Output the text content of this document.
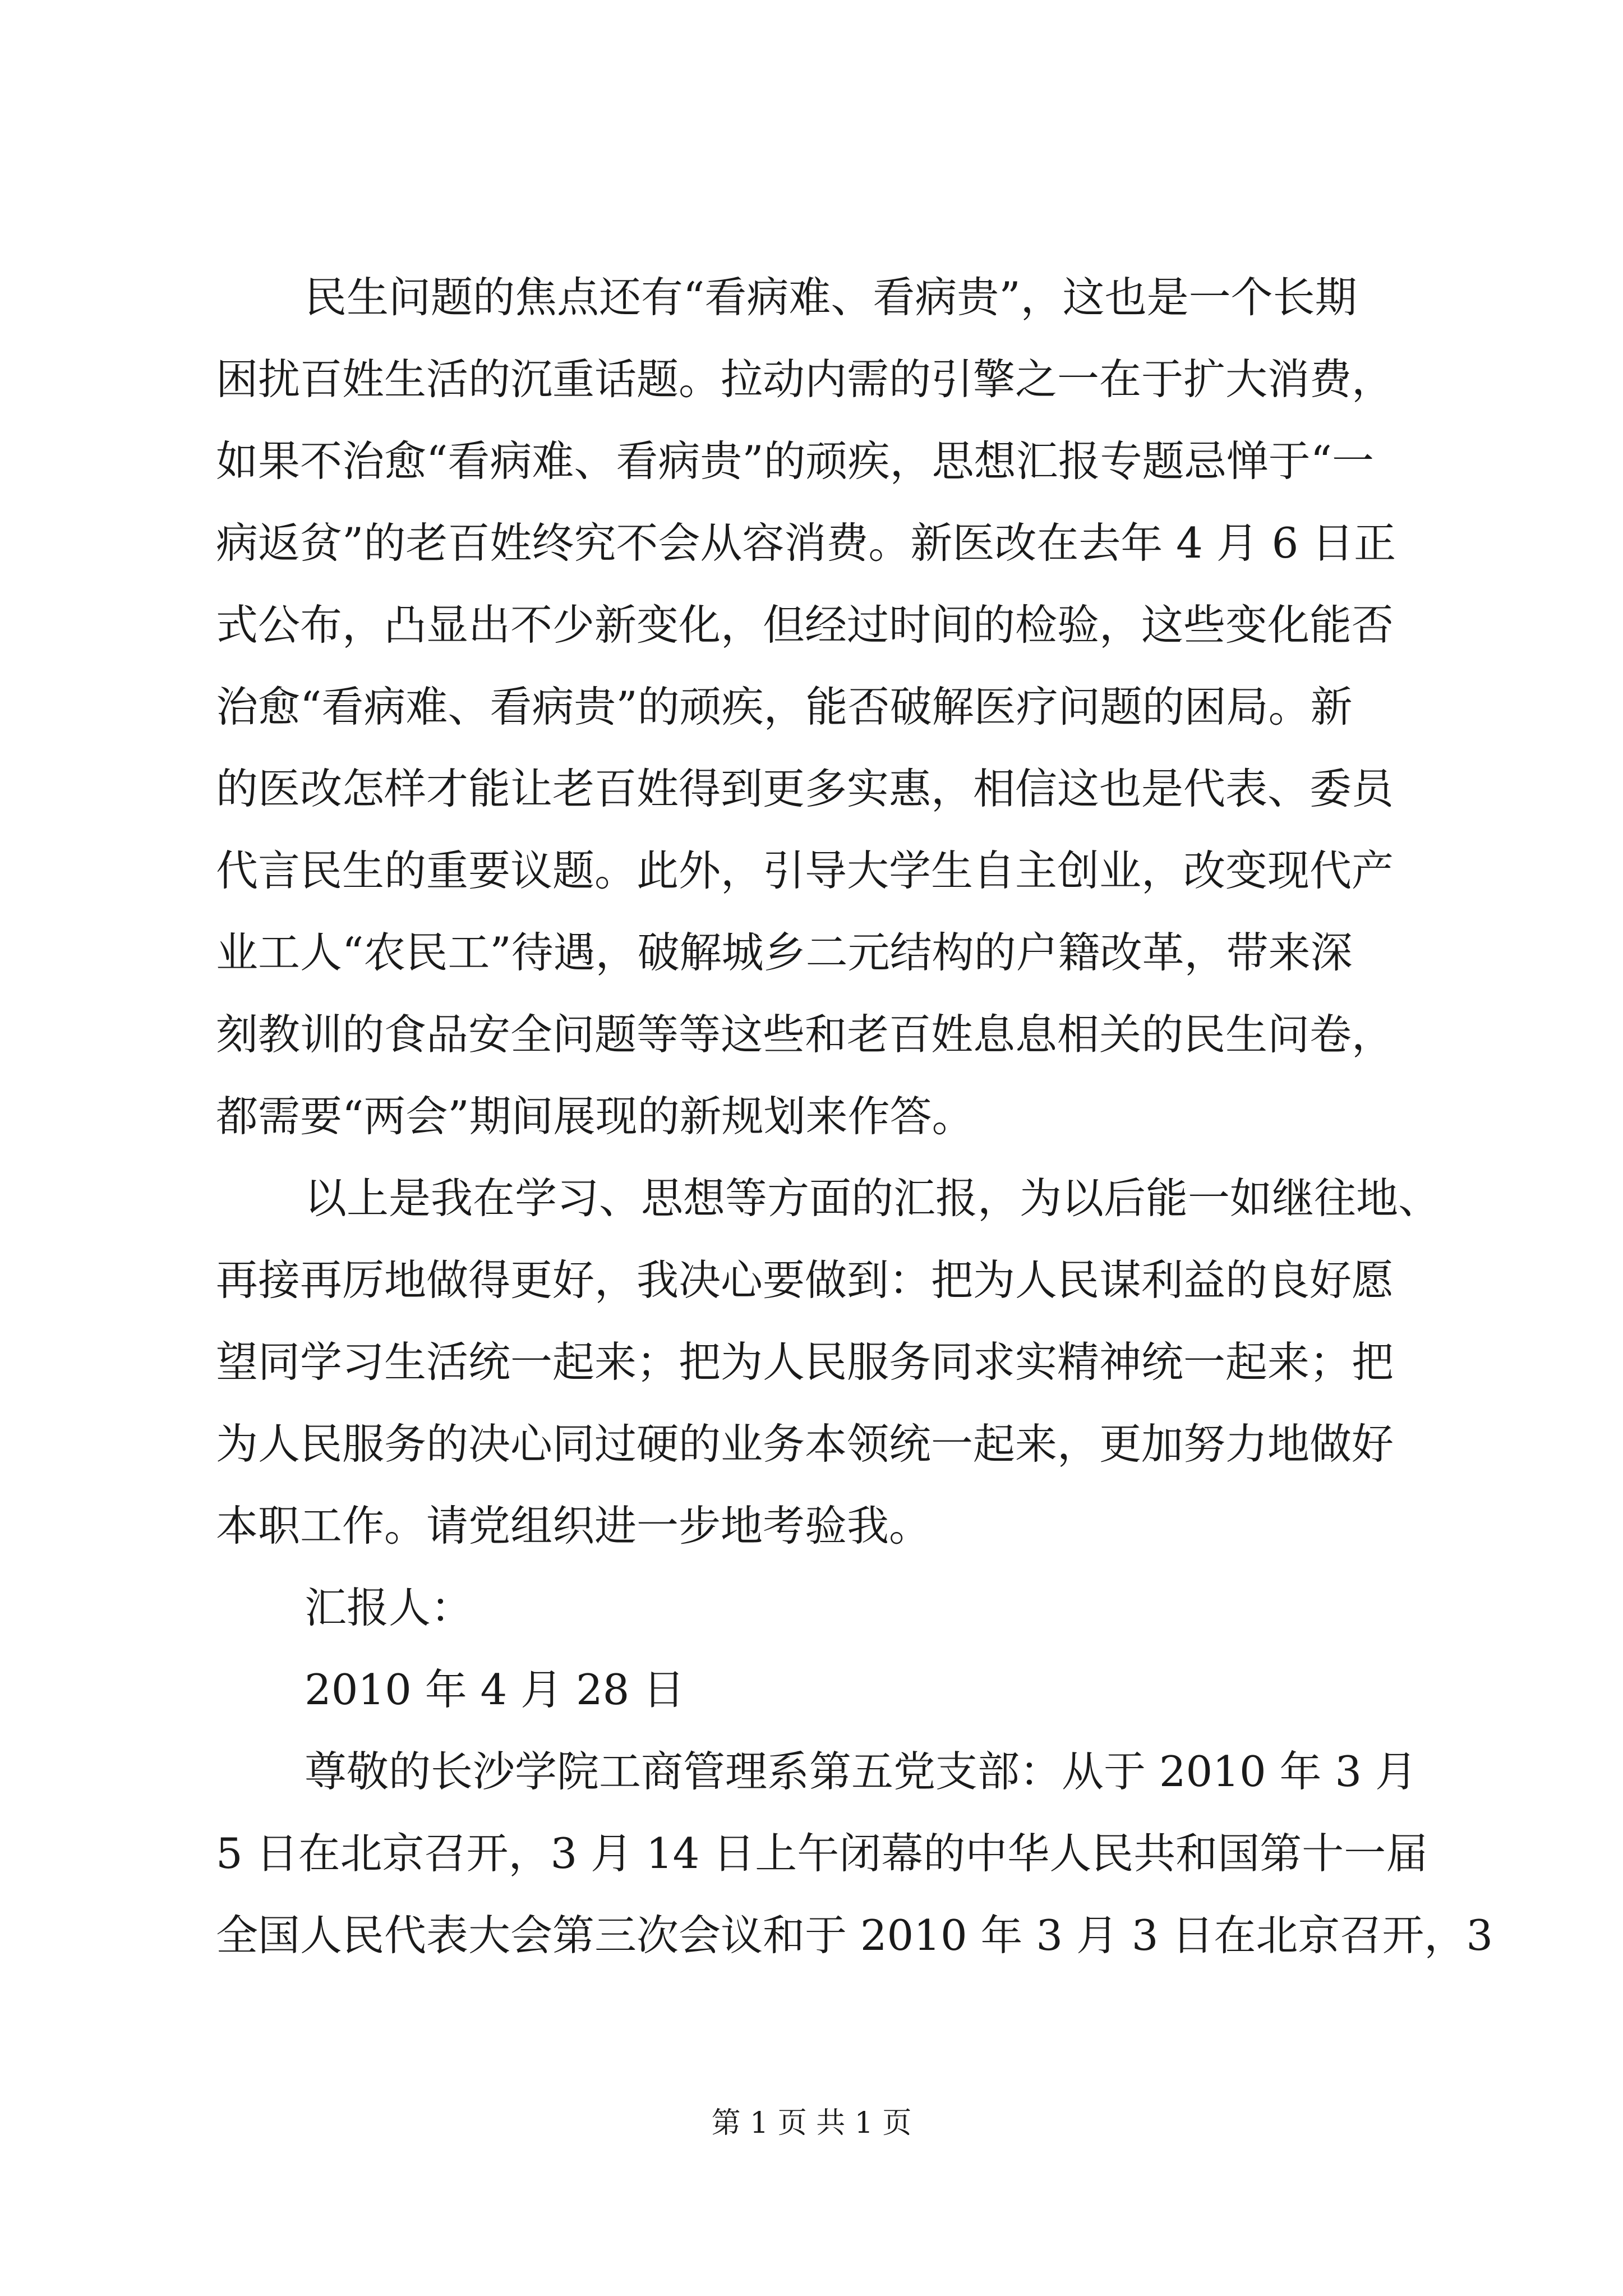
民生问题的焦点还有“看病难、看病贵”，这也是一个长期
困扰百姓生活的沉重话题。拉动内需的引擎之一在于扩大消费，
如果不治愈“看病难、看病贵”的顽疾，思想汇报专题忌惮于“一
病返贫”的老百姓终究不会从容消费。新医改在去年 4 月 6 日正
式公布，凸显出不少新变化，但经过时间的检验，这些变化能否
治愈“看病难、看病贵”的顽疾，能否破解医疗问题的困局。新
的医改怎样才能让老百姓得到更多实惠，相信这也是代表、委员
代言民生的重要议题。此外，引导大学生自主创业，改变现代产
业工人“农民工”待遇，破解城乡二元结构的户籍改革，带来深
刻教训的食品安全问题等等这些和老百姓息息相关的民生问卷，
都需要“两会”期间展现的新规划来作答。
以上是我在学习、思想等方面的汇报，为以后能一如继往地、
再接再厉地做得更好，我决心要做到：把为人民谋利益的良好愿
望同学习生活统一起来；把为人民服务同求实精神统一起来；把
为人民服务的决心同过硬的业务本领统一起来，更加努力地做好
本职工作。请党组织进一步地考验我。
汇报人：
2010 年 4 月 28 日
尊敬的长沙学院工商管理系第五党支部：从于 2010 年 3 月
5 日在北京召开，3 月 14 日上午闭幕的中华人民共和国第十一届
全国人民代表大会第三次会议和于 2010 年 3 月 3 日在北京召开，3
第 1 页 共 1 页
